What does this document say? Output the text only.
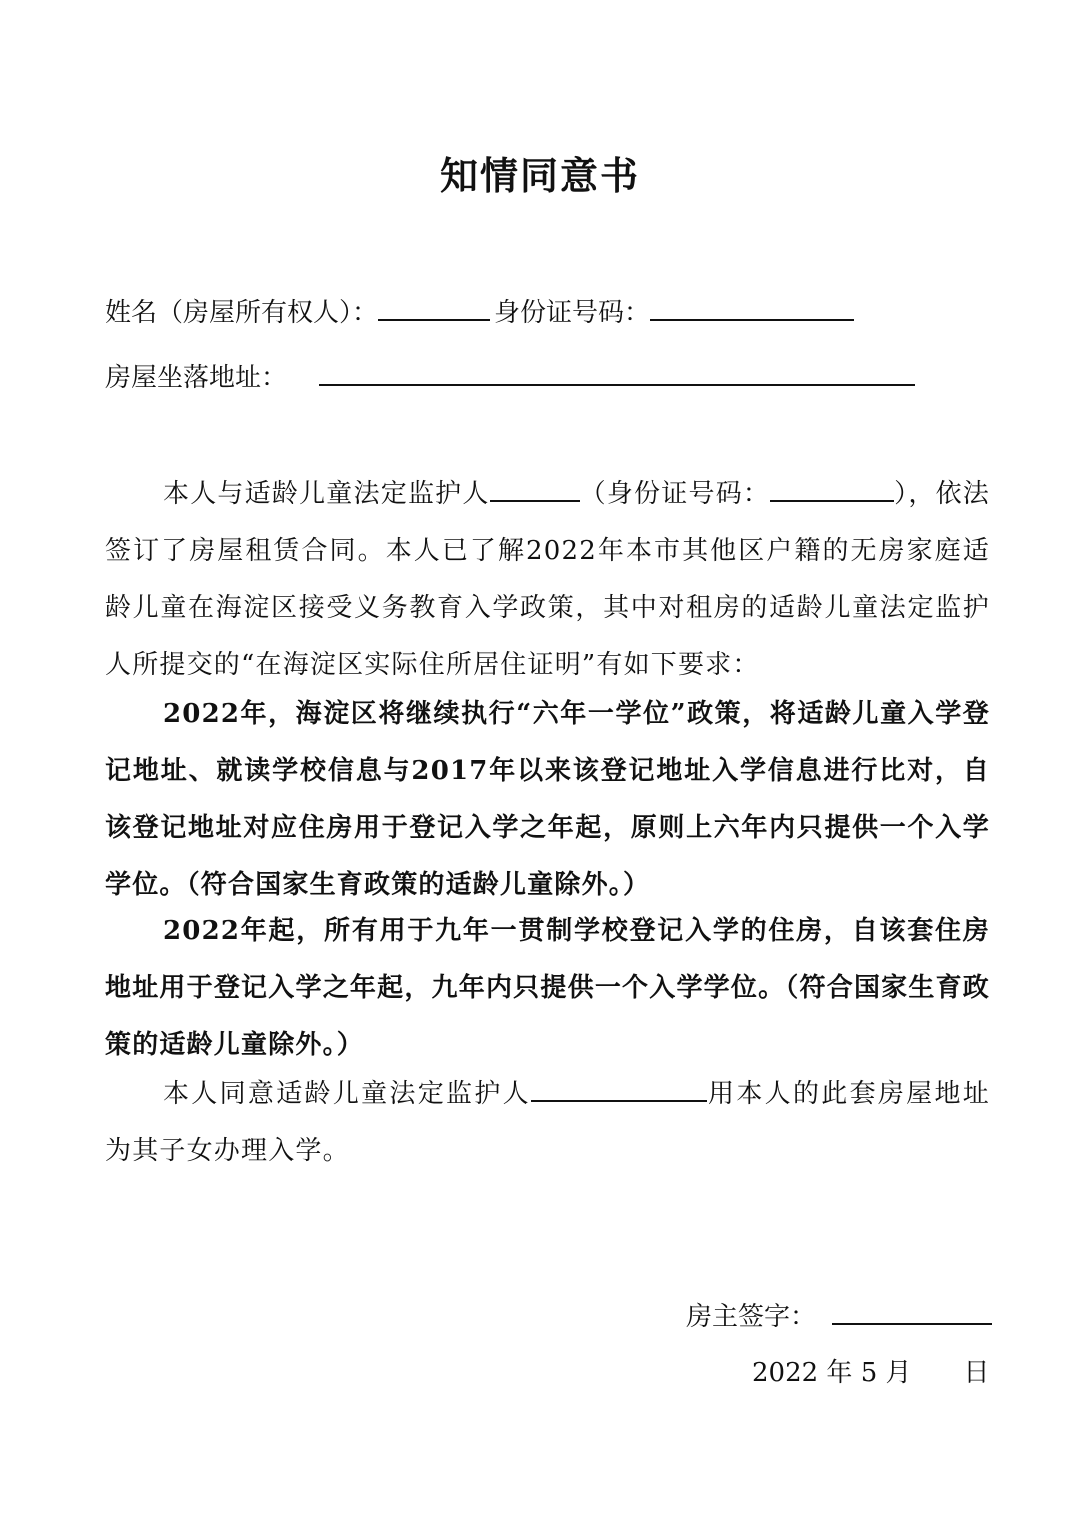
知情同意书
姓名（房屋所有权人）：	身份证号码：
房屋坐落地址：
本人与适龄儿童法定监护人	（身份证号码：	），依法签订了房屋租赁合同。本人已了解2022年本市其他区户籍的无房家庭适龄儿童在海淀区接受义务教育入学政策，其中对租房的适龄儿童法定监护人所提交的“在海淀区实际住所居住证明”有如下要求：
2022年，海淀区将继续执行“六年一学位”政策，将适龄儿童入学登记地址、就读学校信息与2017年以来该登记地址入学信息进行比对，自该登记地址对应住房用于登记入学之年起，原则上六年内只提供一个入学学位。（符合国家生育政策的适龄儿童除外。）
2022年起，所有用于九年一贯制学校登记入学的住房，自该套住房地址用于登记入学之年起，九年内只提供一个入学学位。（符合国家生育政策的适龄儿童除外。）
本人同意适龄儿童法定监护人	用本人的此套房屋地址为其子女办理入学。
房主签字：
2022 年 5 月　　日
